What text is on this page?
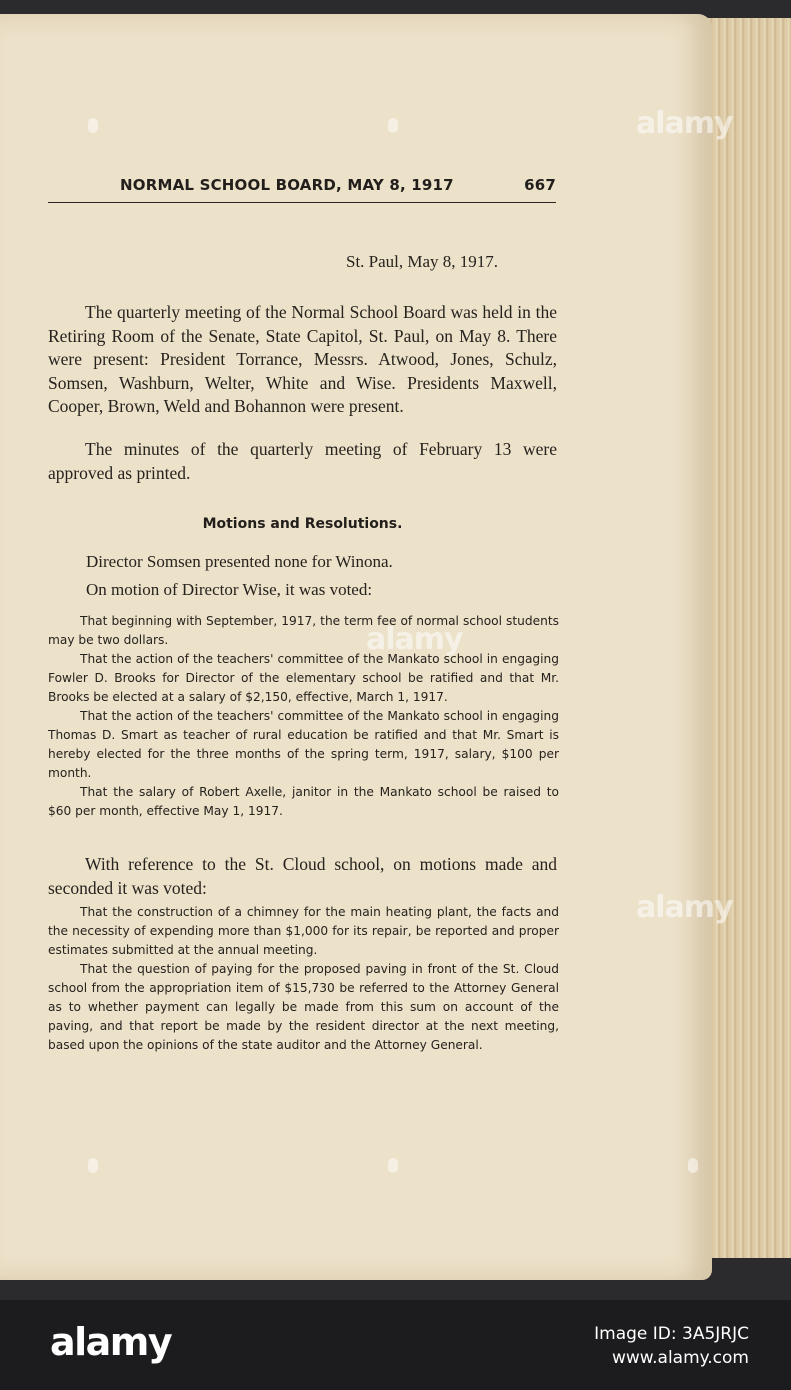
NORMAL SCHOOL BOARD, MAY 8, 1917	667
St. Paul, May 8, 1917.

The quarterly meeting of the Normal School Board was held in the Retiring Room of the Senate, State Capitol, St. Paul, on May 8. There were present: President Torrance, Messrs. Atwood, Jones, Schulz, Somsen, Washburn, Welter, White and Wise. Presidents Maxwell, Cooper, Brown, Weld and Bohannon were present.

The minutes of the quarterly meeting of February 13 were approved as printed.

Motions and Resolutions.

Director Somsen presented none for Winona.

On motion of Director Wise, it was voted:

That beginning with September, 1917, the term fee of normal school students may be two dollars.

That the action of the teachers' committee of the Mankato school in engaging Fowler D. Brooks for Director of the elementary school be ratified and that Mr. Brooks be elected at a salary of $2,150, effective, March 1, 1917.

That the action of the teachers' committee of the Mankato school in engaging Thomas D. Smart as teacher of rural education be ratified and that Mr. Smart is hereby elected for the three months of the spring term, 1917, salary, $100 per month.

That the salary of Robert Axelle, janitor in the Mankato school be raised to $60 per month, effective May 1, 1917.

With reference to the St. Cloud school, on motions made and seconded it was voted:

That the construction of a chimney for the main heating plant, the facts and the necessity of expending more than $1,000 for its repair, be reported and proper estimates submitted at the annual meeting.

That the question of paying for the proposed paving in front of the St. Cloud school from the appropriation item of $15,730 be referred to the Attorney General as to whether payment can legally be made from this sum on account of the paving, and that report be made by the resident director at the next meeting, based upon the opinions of the state auditor and the Attorney General.

alamy
alamy
alamy
alamy	Image ID: 3A5JRJC
www.alamy.com
